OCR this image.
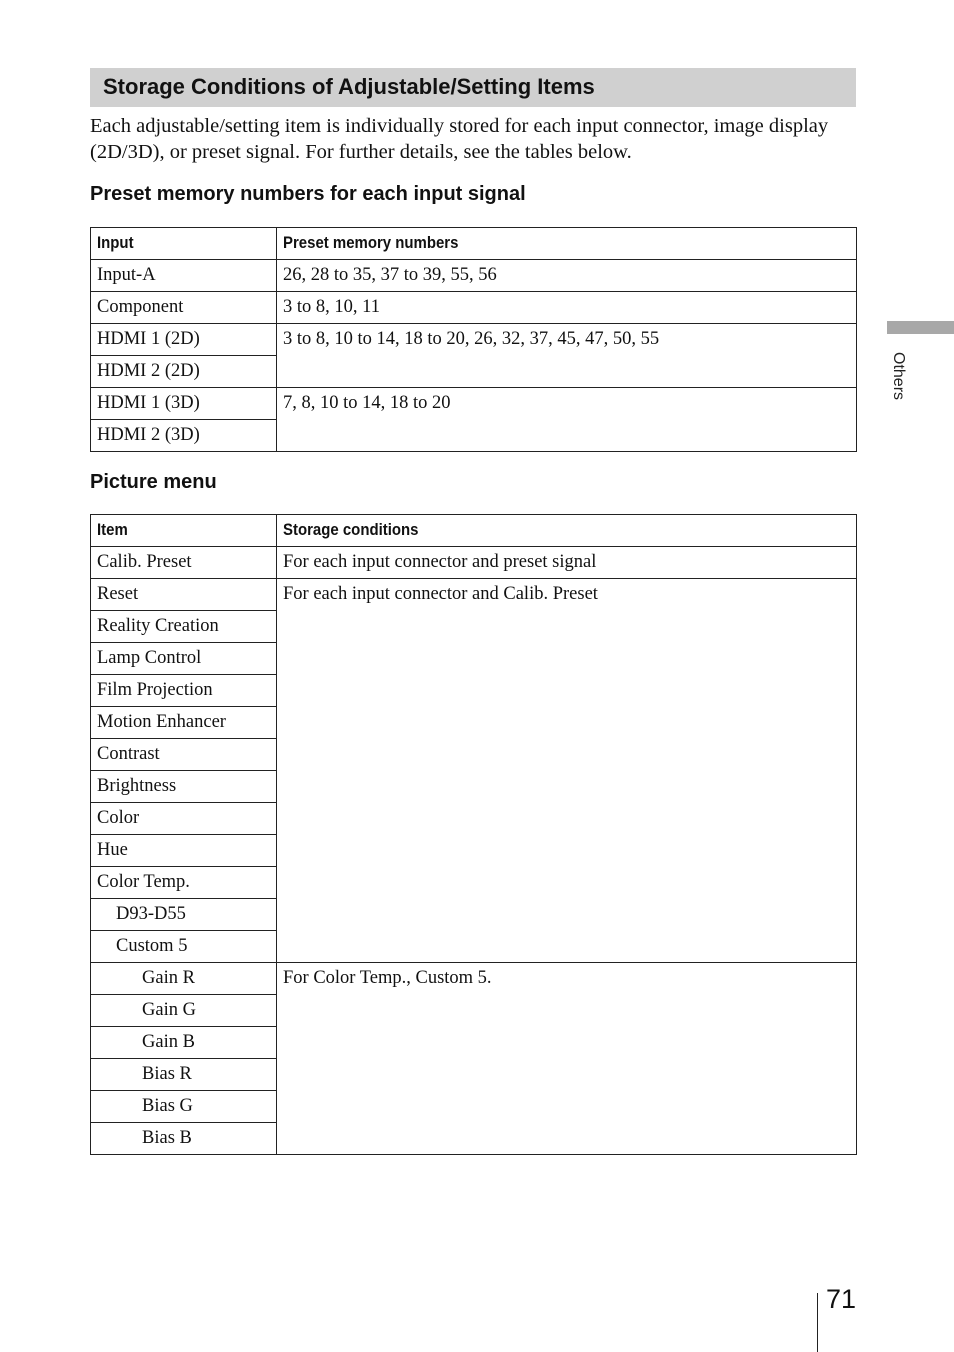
Storage Conditions of Adjustable/Setting Items

Each adjustable/setting item is individually stored for each input connector, image display (2D/3D), or preset signal. For further details, see the tables below.

Preset memory numbers for each input signal
Input	Preset memory numbers
Input-A	26, 28 to 35, 37 to 39, 55, 56
Component	3 to 8, 10, 11
HDMI 1 (2D)	3 to 8, 10 to 14, 18 to 20, 26, 32, 37, 45, 47, 50, 55
HDMI 2 (2D)	
HDMI 1 (3D)	7, 8, 10 to 14, 18 to 20
HDMI 2 (3D)	
Picture menu
Item	Storage conditions
Calib. Preset	For each input connector and preset signal
Reset	For each input connector and Calib. Preset
Reality Creation	
Lamp Control	
Film Projection	
Motion Enhancer	
Contrast	
Brightness	
Color	
Hue	
Color Temp.	
D93-D55	
Custom 5	
Gain R	For Color Temp., Custom 5.
Gain G	
Gain B	
Bias R	
Bias G	
Bias B	
Others
71
